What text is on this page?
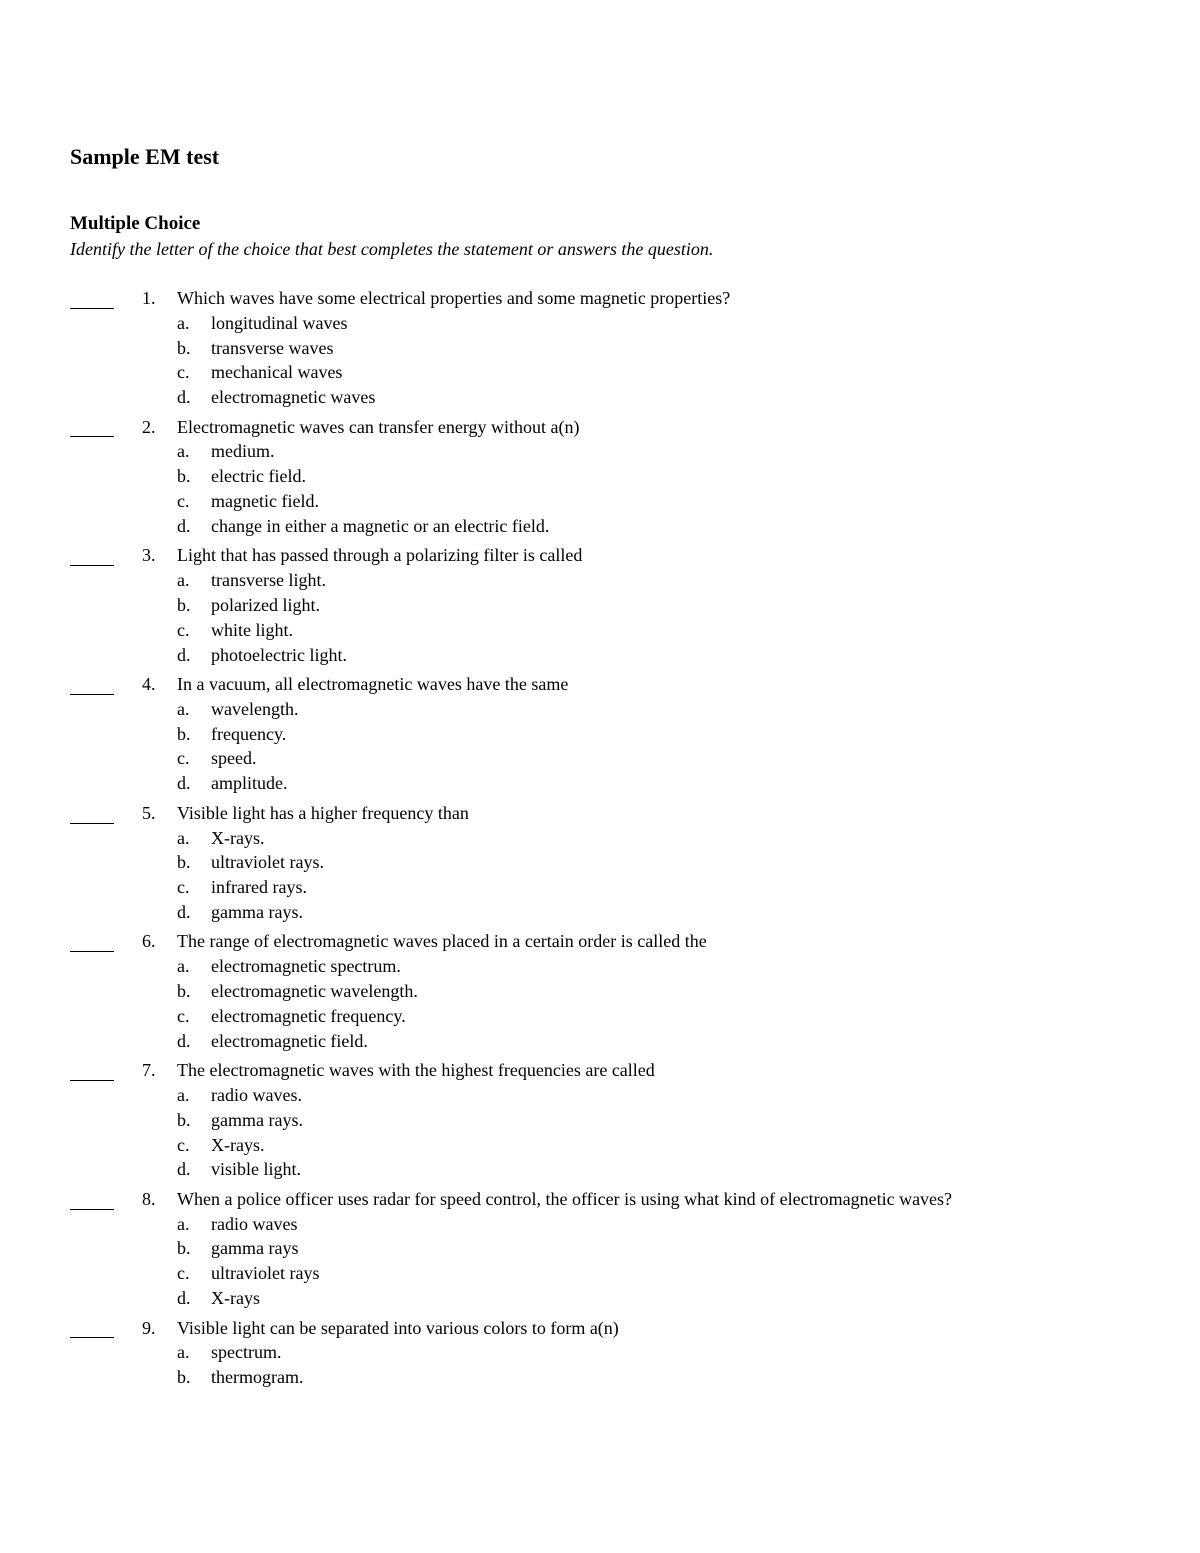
Sample EM test
Multiple Choice

Identify the letter of the choice that best completes the statement or answers the question.

1. Which waves have some electrical properties and some magnetic properties?
a. longitudinal waves
b. transverse waves
c. mechanical waves
d. electromagnetic waves
2. Electromagnetic waves can transfer energy without a(n)
a. medium.
b. electric field.
c. magnetic field.
d. change in either a magnetic or an electric field.
3. Light that has passed through a polarizing filter is called
a. transverse light.
b. polarized light.
c. white light.
d. photoelectric light.
4. In a vacuum, all electromagnetic waves have the same
a. wavelength.
b. frequency.
c. speed.
d. amplitude.
5. Visible light has a higher frequency than
a. X-rays.
b. ultraviolet rays.
c. infrared rays.
d. gamma rays.
6. The range of electromagnetic waves placed in a certain order is called the
a. electromagnetic spectrum.
b. electromagnetic wavelength.
c. electromagnetic frequency.
d. electromagnetic field.
7. The electromagnetic waves with the highest frequencies are called
a. radio waves.
b. gamma rays.
c. X-rays.
d. visible light.
8. When a police officer uses radar for speed control, the officer is using what kind of electromagnetic waves?
a. radio waves
b. gamma rays
c. ultraviolet rays
d. X-rays
9. Visible light can be separated into various colors to form a(n)
a. spectrum.
b. thermogram.
